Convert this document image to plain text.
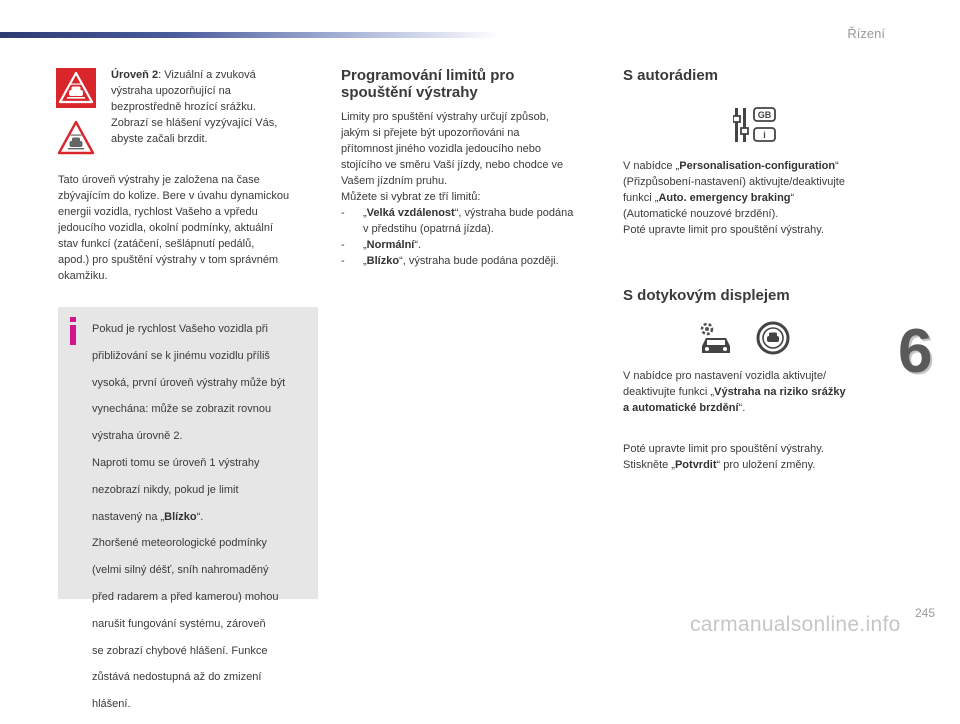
Řízení

Úroveň 2: Vizuální a zvuková

výstraha upozorňující na

bezprostředně hrozící srážku.

Zobrazí se hlášení vyzývající Vás,

abyste začali brzdit.

Tato úroveň výstrahy je založena na čase

zbývajícím do kolize. Bere v úvahu dynamickou

energii vozidla, rychlost Vašeho a vpředu

jedoucího vozidla, okolní podmínky, aktuální

stav funkcí (zatáčení, sešlápnutí pedálů,

apod.) pro spuštění výstrahy v tom správném

okamžiku.

Pokud je rychlost Vašeho vozidla při

přibližování se k jinému vozidlu příliš

vysoká, první úroveň výstrahy může být

vynechána: může se zobrazit rovnou

výstraha úrovně 2.

Naproti tomu se úroveň 1 výstrahy

nezobrazí nikdy, pokud je limit

nastavený na „Blízko“.

Zhoršené meteorologické podmínky

(velmi silný déšť, sníh nahromaděný

před radarem a před kamerou) mohou

narušit fungování systému, zároveň

se zobrazí chybové hlášení. Funkce

zůstává nedostupná až do zmizení

hlášení.

Programování limitů pro
spouštění výstrahy

Limity pro spuštění výstrahy určují způsob,

jakým si přejete být upozorňováni na

přítomnost jiného vozidla jedoucího nebo

stojícího ve směru Vaší jízdy, nebo chodce ve

Vašem jízdním pruhu.

Můžete si vybrat ze tří limitů:

- „Velká vzdálenost“, výstraha bude podána
v předstihu (opatrná jízda).
- „Normální“.
- „Blízko“, výstraha bude podána později.
S autorádiem
GB
i

V nabídce „Personalisation-configuration“

(Přizpůsobení-nastavení) aktivujte/deaktivujte

funkci „Auto. emergency braking“

(Automatické nouzové brzdění).

Poté upravte limit pro spouštění výstrahy.

S dotykovým displejem

V nabídce pro nastavení vozidla aktivujte/

deaktivujte funkci „Výstraha na riziko srážky

a automatické brzdění“.

Poté upravte limit pro spouštění výstrahy.

Stiskněte „Potvrdit“ pro uložení změny.

6
carmanualsonline.info 245
